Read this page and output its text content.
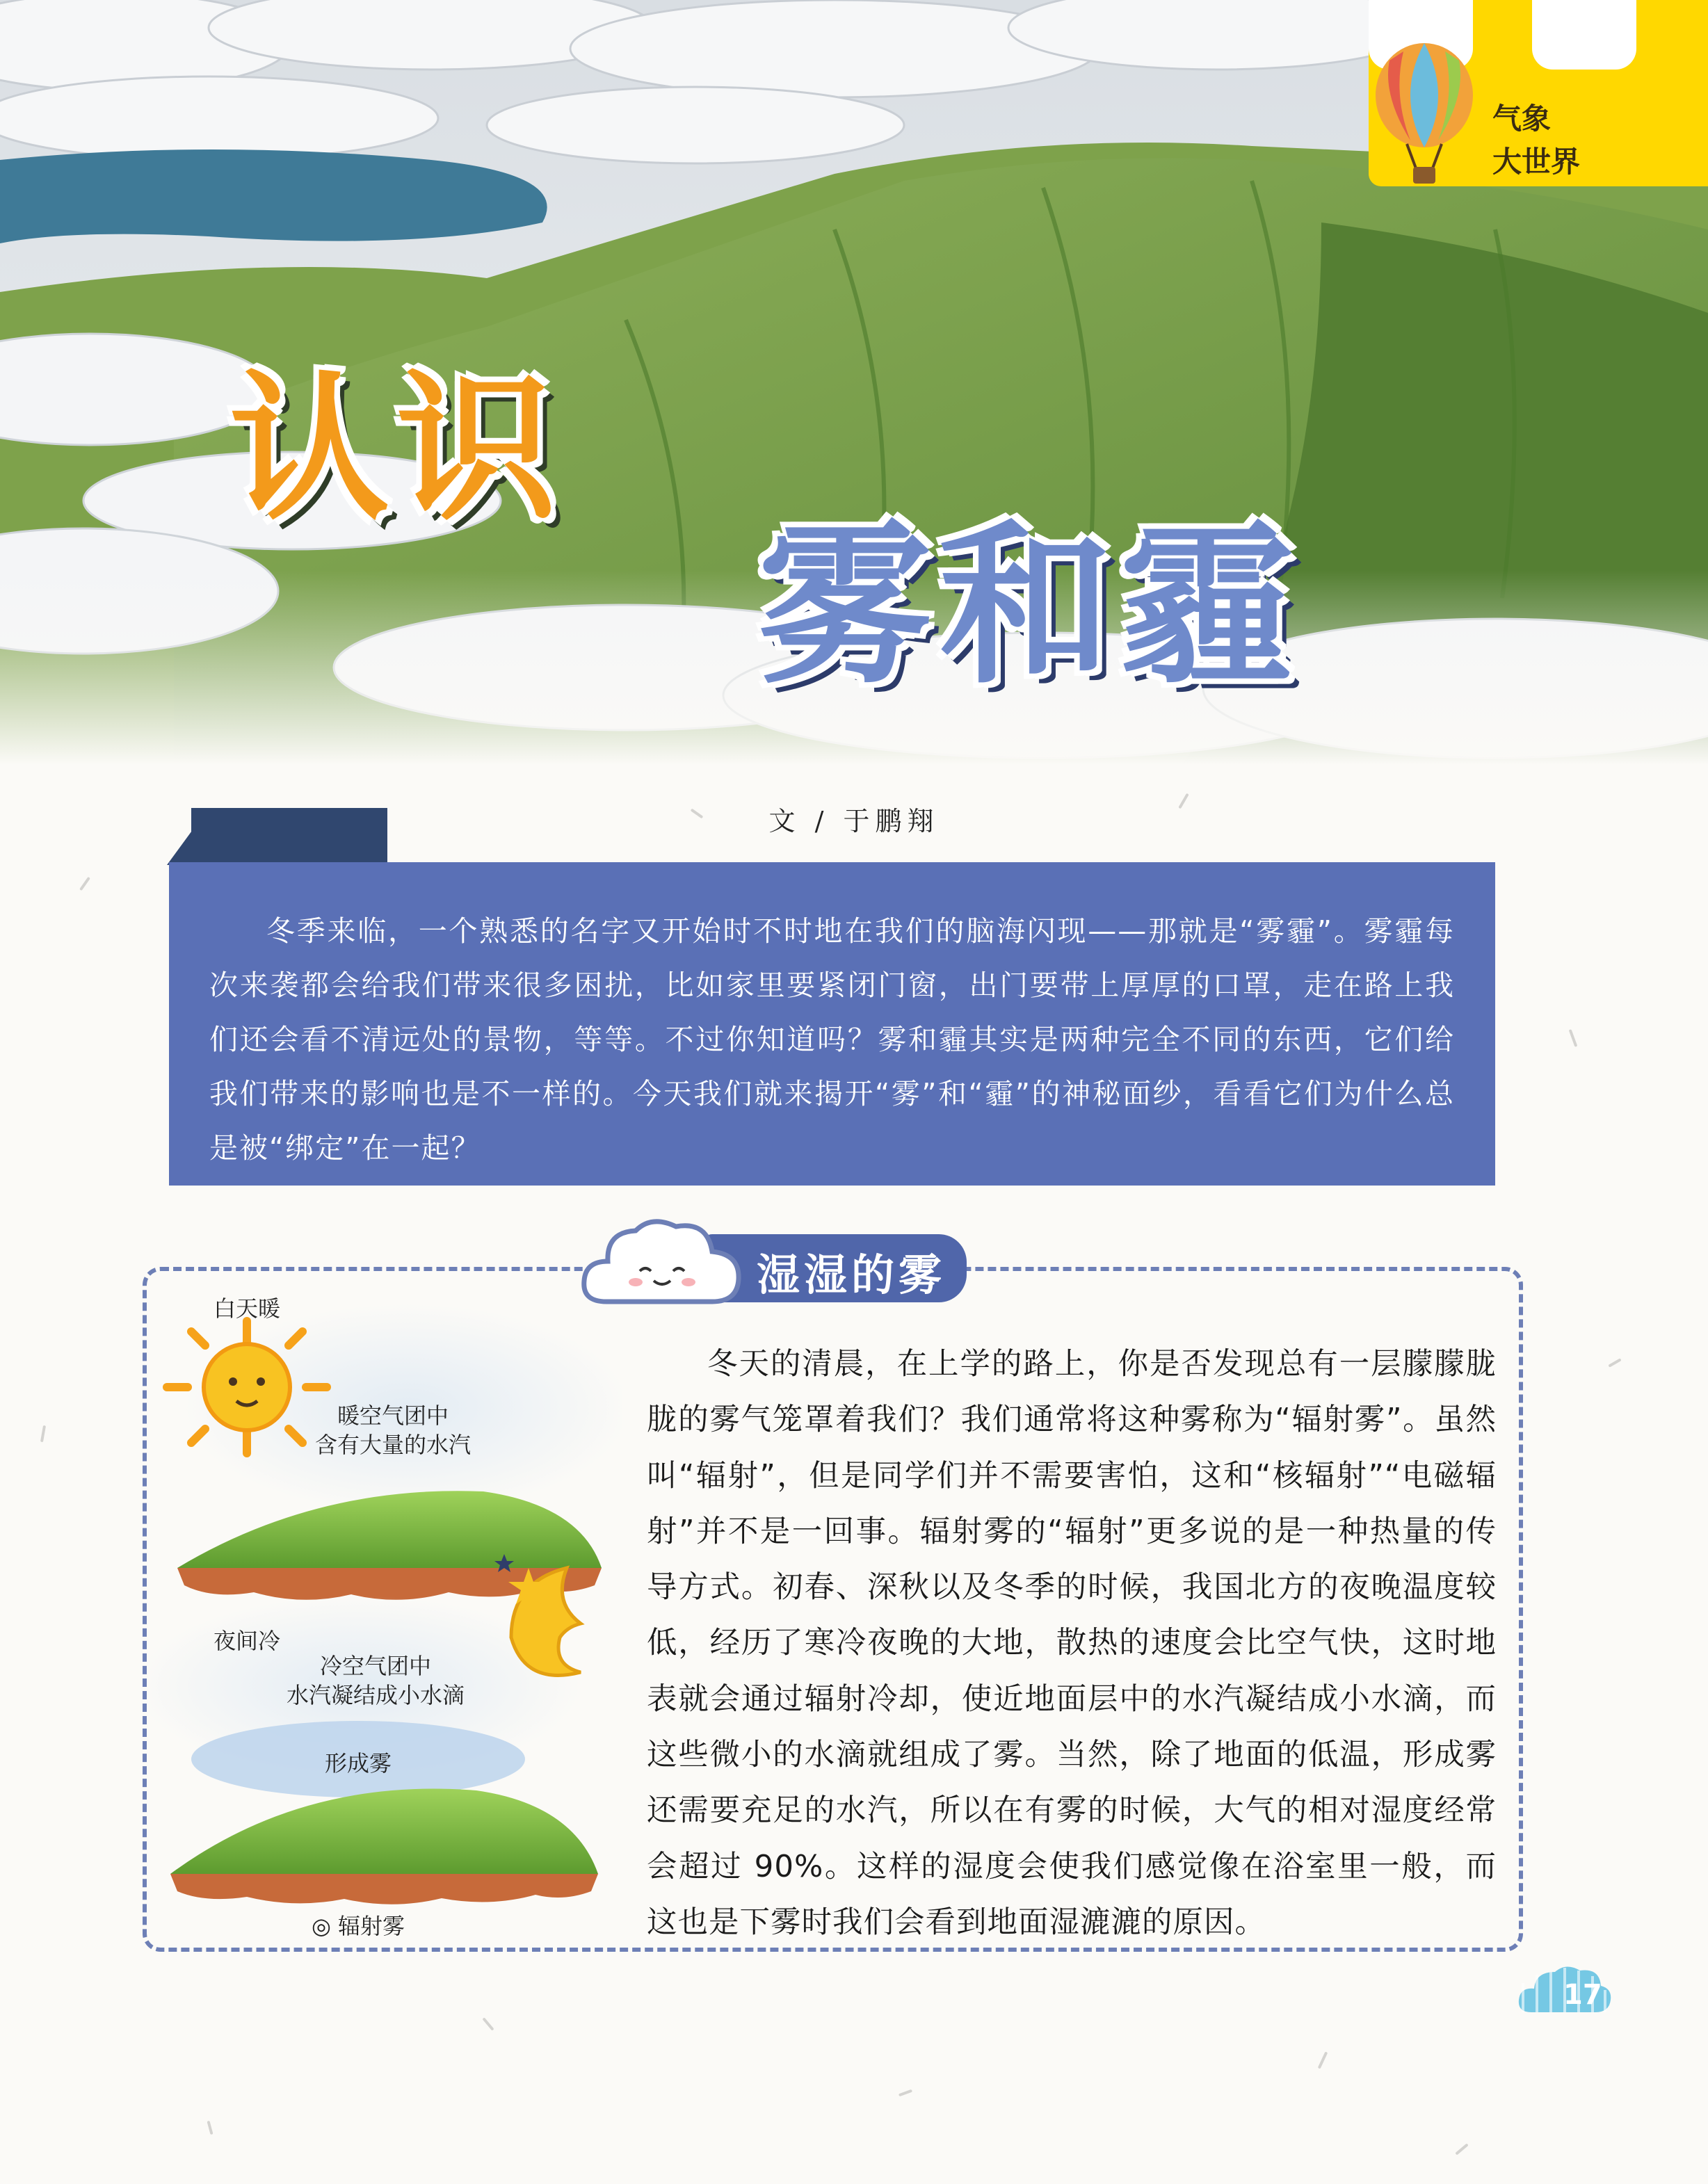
气象
大世界
认识
雾和霾
文 / 于鹏翔

冬季来临，一个熟悉的名字又开始时不时地在我们的脑海闪现——那就是“雾霾”。雾霾每次来袭都会给我们带来很多困扰，比如家里要紧闭门窗，出门要带上厚厚的口罩，走在路上我们还会看不清远处的景物，等等。不过你知道吗？雾和霾其实是两种完全不同的东西，它们给我们带来的影响也是不一样的。今天我们就来揭开“雾”和“霾”的神秘面纱，看看它们为什么总是被“绑定”在一起？

湿湿的雾

冬天的清晨，在上学的路上，你是否发现总有一层朦朦胧胧的雾气笼罩着我们？我们通常将这种雾称为“辐射雾”。虽然叫“辐射”，但是同学们并不需要害怕，这和“核辐射”“电磁辐射”并不是一回事。辐射雾的“辐射”更多说的是一种热量的传导方式。初春、深秋以及冬季的时候，我国北方的夜晚温度较低，经历了寒冷夜晚的大地，散热的速度会比空气快，这时地表就会通过辐射冷却，使近地面层中的水汽凝结成小水滴，而这些微小的水滴就组成了雾。当然，除了地面的低温，形成雾还需要充足的水汽，所以在有雾的时候，大气的相对湿度经常会超过 90%。这样的湿度会使我们感觉像在浴室里一般，而这也是下雾时我们会看到地面湿漉漉的原因。

白天暖
暖空气团中
含有大量的水汽
夜间冷
冷空气团中
水汽凝结成小水滴
形成雾
◎ 辐射雾
17
